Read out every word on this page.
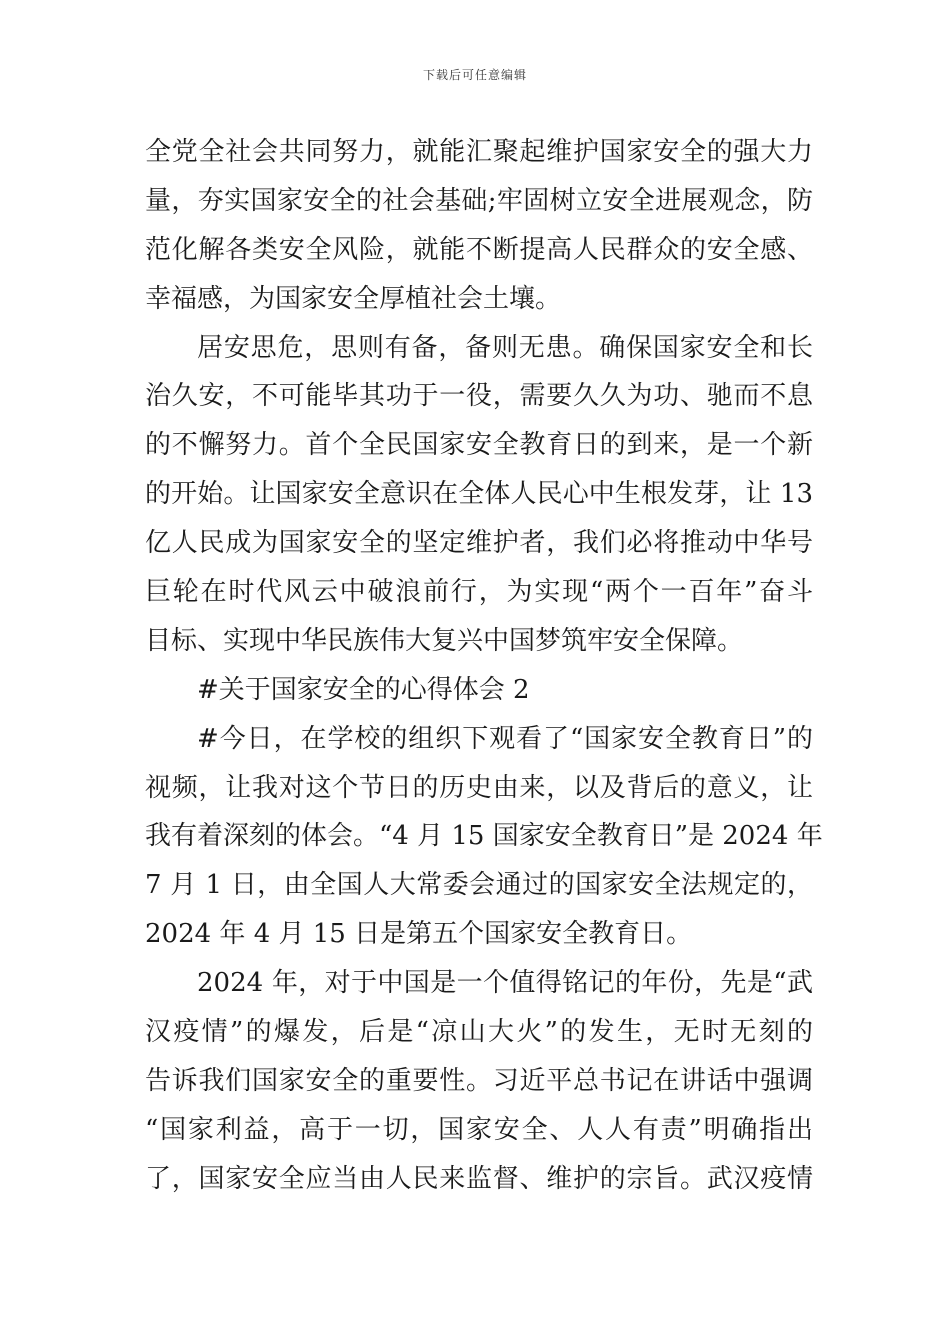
下载后可任意编辑
全党全社会共同努力，就能汇聚起维护国家安全的强大力
量，夯实国家安全的社会基础;牢固树立安全进展观念，防
范化解各类安全风险，就能不断提高人民群众的安全感、
幸福感，为国家安全厚植社会土壤。
居安思危，思则有备，备则无患。确保国家安全和长
治久安，不可能毕其功于一役，需要久久为功、驰而不息
的不懈努力。首个全民国家安全教育日的到来，是一个新
的开始。让国家安全意识在全体人民心中生根发芽，让 13
亿人民成为国家安全的坚定维护者，我们必将推动中华号
巨轮在时代风云中破浪前行，为实现“两个一百年”奋斗
目标、实现中华民族伟大复兴中国梦筑牢安全保障。
#关于国家安全的心得体会 2
#今日，在学校的组织下观看了“国家安全教育日”的
视频，让我对这个节日的历史由来，以及背后的意义，让
我有着深刻的体会。“4 月 15 国家安全教育日”是 2024 年
7 月 1 日，由全国人大常委会通过的国家安全法规定的，
2024 年 4 月 15 日是第五个国家安全教育日。
2024 年，对于中国是一个值得铭记的年份，先是“武
汉疫情”的爆发，后是“凉山大火”的发生，无时无刻的
告诉我们国家安全的重要性。习近平总书记在讲话中强调
“国家利益，高于一切，国家安全、人人有责”明确指出
了，国家安全应当由人民来监督、维护的宗旨。武汉疫情
